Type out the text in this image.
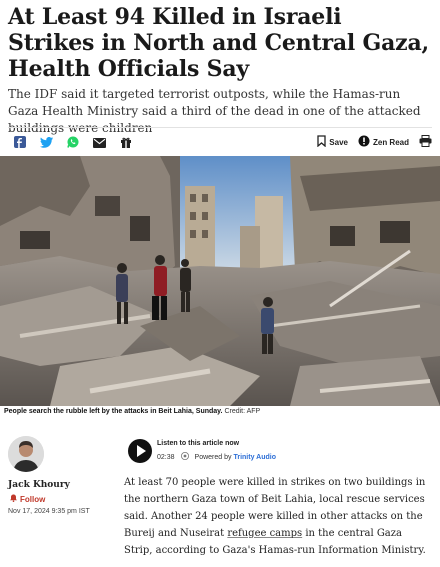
At Least 94 Killed in Israeli Strikes in North and Central Gaza, Health Officials Say

The IDF said it targeted terrorist outposts, while the Hamas-run Gaza Health Ministry said a third of the dead in one of the attacked buildings were children

Save	Zen Read
People search the rubble left by the attacks in Beit Lahia, Sunday. Credit: AFP
Jack Khoury
Follow
Nov 17, 2024 9:35 pm IST
Listen to this article now
02:38	Powered by Trinity Audio

At least 70 people were killed in strikes on two buildings in the northern Gaza town of Beit Lahia, local rescue services said. Another 24 people were killed in other attacks on the Bureij and Nuseirat refugee camps in the central Gaza Strip, according to Gaza's Hamas-run Information Ministry.
